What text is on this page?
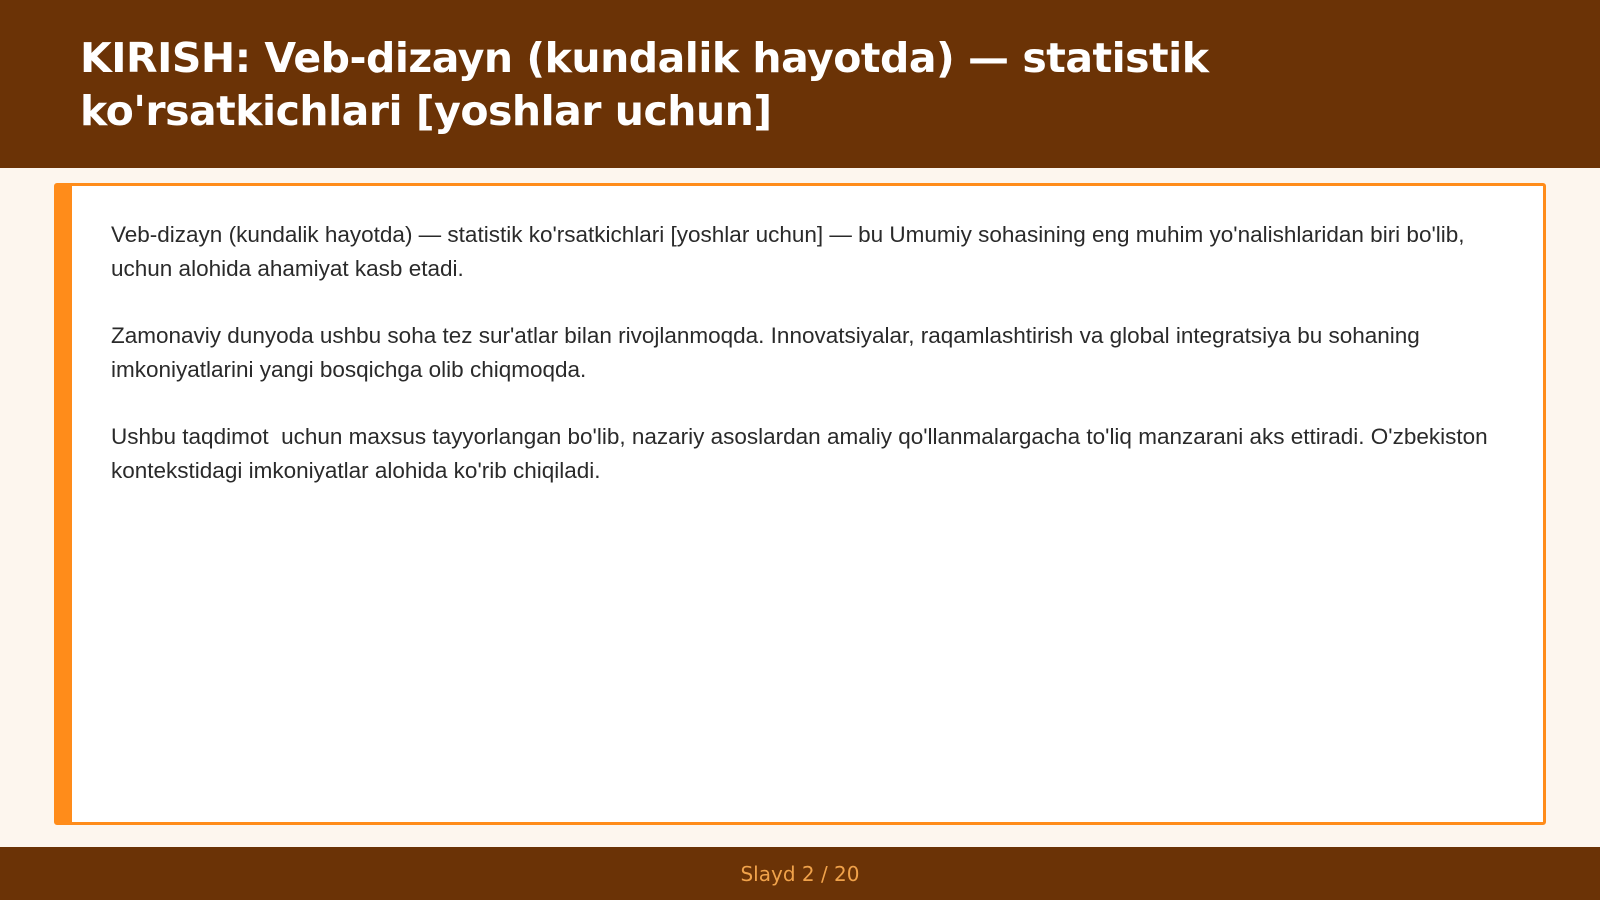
KIRISH: Veb-dizayn (kundalik hayotda) — statistik ko'rsatkichlari [yoshlar uchun]

Veb-dizayn (kundalik hayotda) — statistik ko'rsatkichlari [yoshlar uchun] — bu Umumiy sohasining eng muhim yo'nalishlaridan biri bo'lib,  uchun alohida ahamiyat kasb etadi.

Zamonaviy dunyoda ushbu soha tez sur'atlar bilan rivojlanmoqda. Innovatsiyalar, raqamlashtirish va global integratsiya bu sohaning imkoniyatlarini yangi bosqichga olib chiqmoqda.

Ushbu taqdimot  uchun maxsus tayyorlangan bo'lib, nazariy asoslardan amaliy qo'llanmalargacha to'liq manzarani aks ettiradi. O'zbekiston kontekstidagi imkoniyatlar alohida ko'rib chiqiladi.

Slayd 2 / 20
